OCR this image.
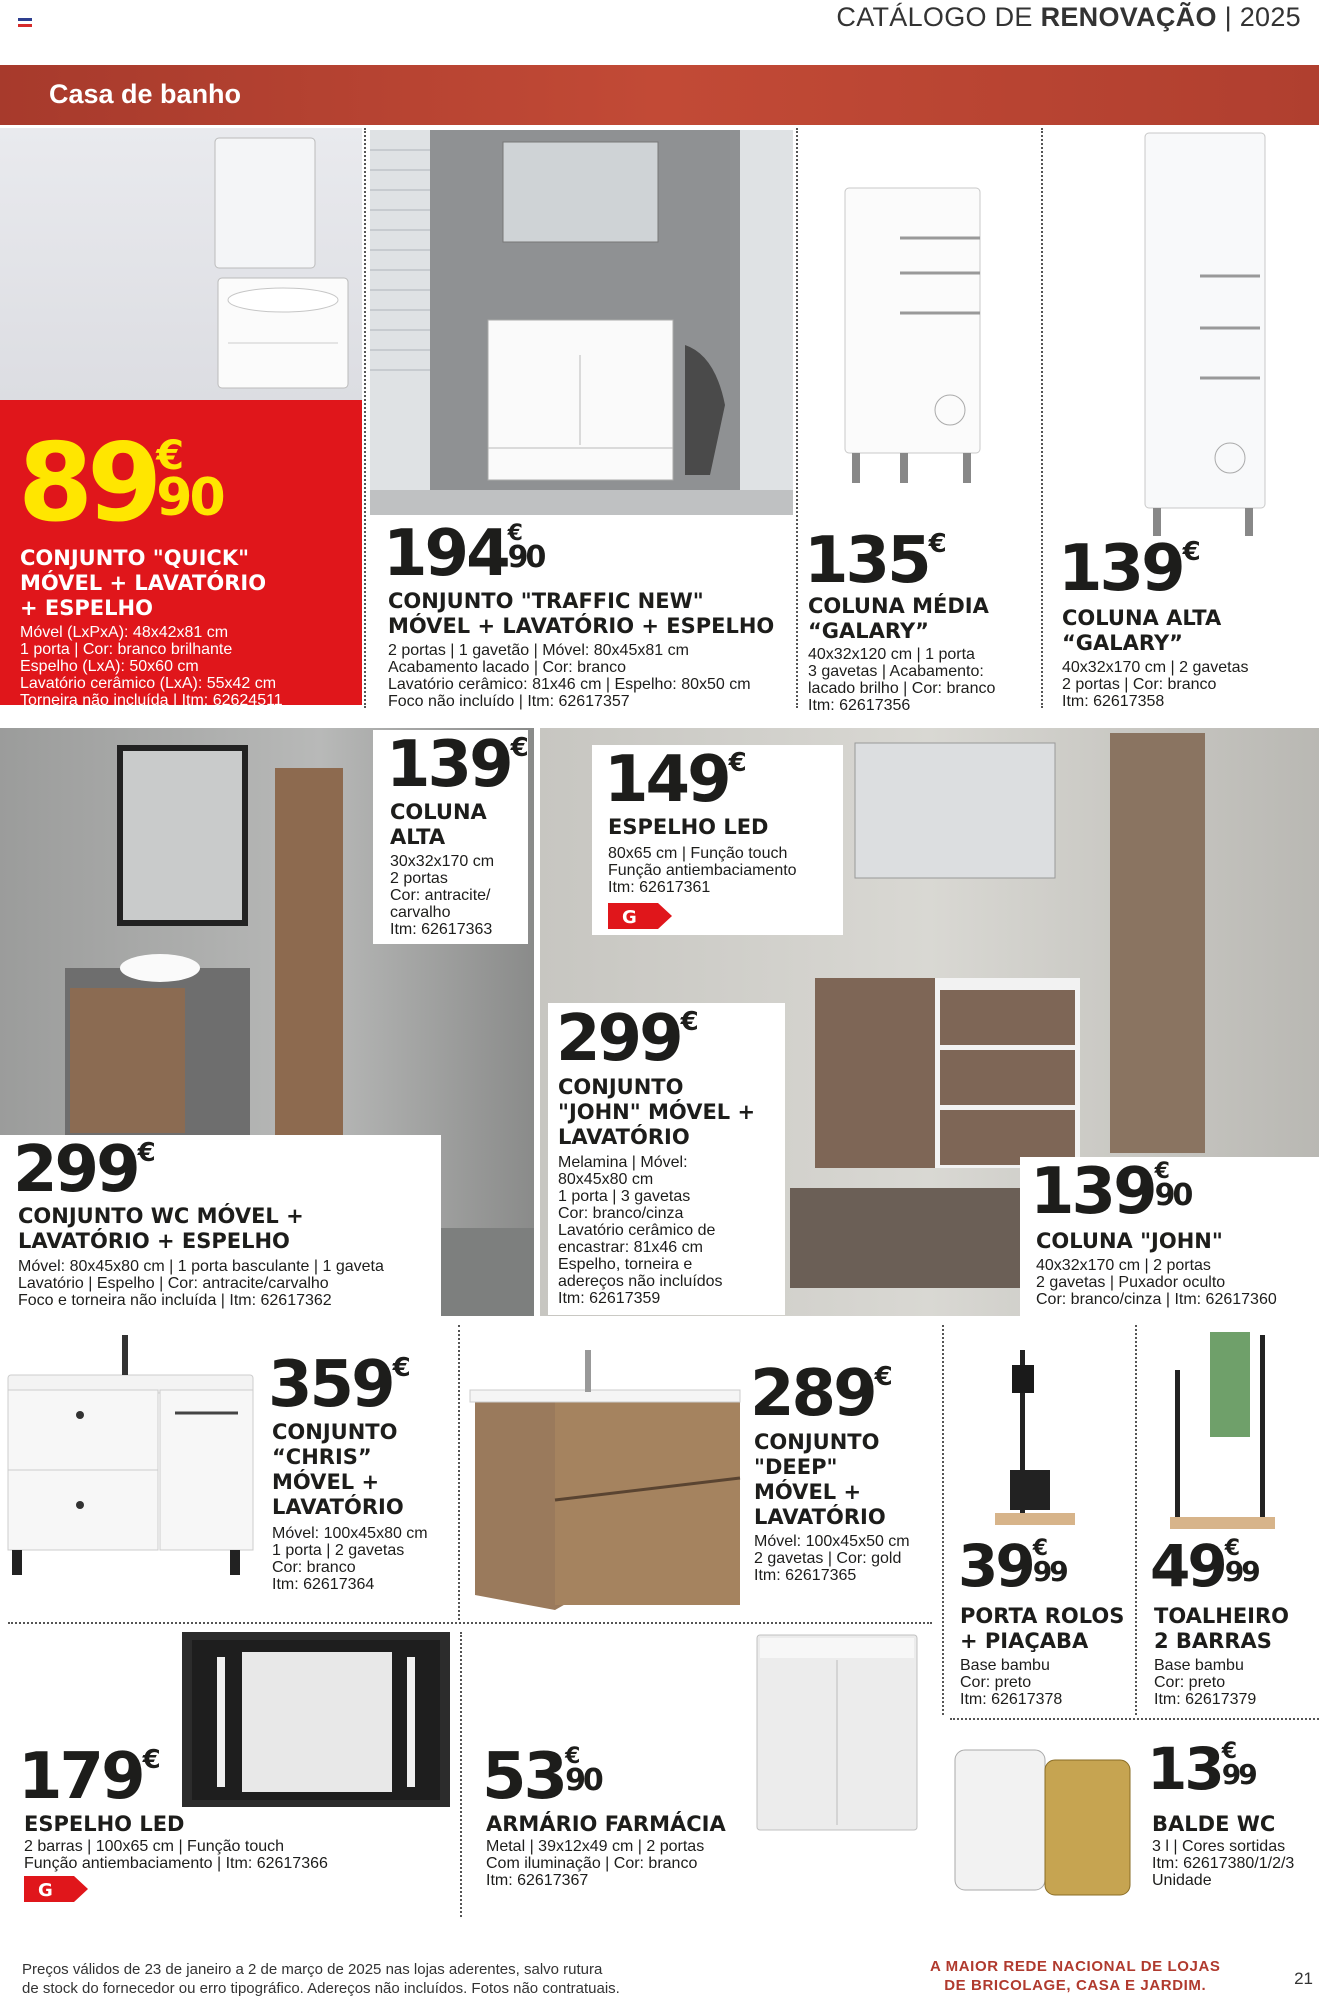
CATÁLOGO DE RENOVAÇÃO | 2025
Casa de banho
89 €
90
CONJUNTO "QUICK"
MÓVEL + LAVATÓRIO
+ ESPELHO
Móvel (LxPxA): 48x42x81 cm
1 porta | Cor: branco brilhante
Espelho (LxA): 50x60 cm
Lavatório cerâmico (LxA): 55x42 cm
Torneira não incluída | Itm: 62624511
194 €
90
CONJUNTO "TRAFFIC NEW"
MÓVEL + LAVATÓRIO + ESPELHO
2 portas | 1 gavetão | Móvel: 80x45x81 cm
Acabamento lacado | Cor: branco
Lavatório cerâmico: 81x46 cm | Espelho: 80x50 cm
Foco não incluído | Itm: 62617357
135€
COLUNA MÉDIA
“GALARY”
40x32x120 cm | 1 porta
3 gavetas | Acabamento:
lacado brilho | Cor: branco
Itm: 62617356
139€
COLUNA ALTA
“GALARY”
40x32x170 cm | 2 gavetas
2 portas | Cor: branco
Itm: 62617358
139€
COLUNA
ALTA
30x32x170 cm
2 portas
Cor: antracite/
carvalho
Itm: 62617363
299€
CONJUNTO WC MÓVEL +
LAVATÓRIO + ESPELHO
Móvel: 80x45x80 cm | 1 porta basculante | 1 gaveta
Lavatório | Espelho | Cor: antracite/carvalho
Foco e torneira não incluída | Itm: 62617362
149€
ESPELHO LED
80x65 cm | Função touch
Função antiembaciamento
Itm: 62617361
G
299€
CONJUNTO
"JOHN" MÓVEL +
LAVATÓRIO
Melamina | Móvel:
80x45x80 cm
1 porta | 3 gavetas
Cor: branco/cinza
Lavatório cerâmico de
encastrar: 81x46 cm
Espelho, torneira e
adereços não incluídos
Itm: 62617359
139 €
90
COLUNA "JOHN"
40x32x170 cm | 2 portas
2 gavetas | Puxador oculto
Cor: branco/cinza | Itm: 62617360
359€
CONJUNTO
“CHRIS”
MÓVEL +
LAVATÓRIO
Móvel: 100x45x80 cm
1 porta | 2 gavetas
Cor: branco
Itm: 62617364
289€
CONJUNTO
"DEEP"
MÓVEL +
LAVATÓRIO
Móvel: 100x45x50 cm
2 gavetas | Cor: gold
Itm: 62617365	39 €
99
PORTA ROLOS
+ PIAÇABA
Base bambu
Cor: preto
Itm: 62617378
49 €
99
TOALHEIRO
2 BARRAS
Base bambu
Cor: preto
Itm: 62617379
179€
ESPELHO LED
2 barras | 100x65 cm | Função touch
Função antiembaciamento | Itm: 62617366
G
53 €
90
ARMÁRIO FARMÁCIA
Metal | 39x12x49 cm | 2 portas
Com iluminação | Cor: branco
Itm: 62617367
13 €
99
BALDE WC
3 l | Cores sortidas
Itm: 62617380/1/2/3
Unidade
Preços válidos de 23 de janeiro a 2 de março de 2025 nas lojas aderentes, salvo rutura
de stock do fornecedor ou erro tipográfico. Adereços não incluídos. Fotos não contratuais.
A MAIOR REDE NACIONAL DE LOJAS
DE BRICOLAGE, CASA E JARDIM.	21
